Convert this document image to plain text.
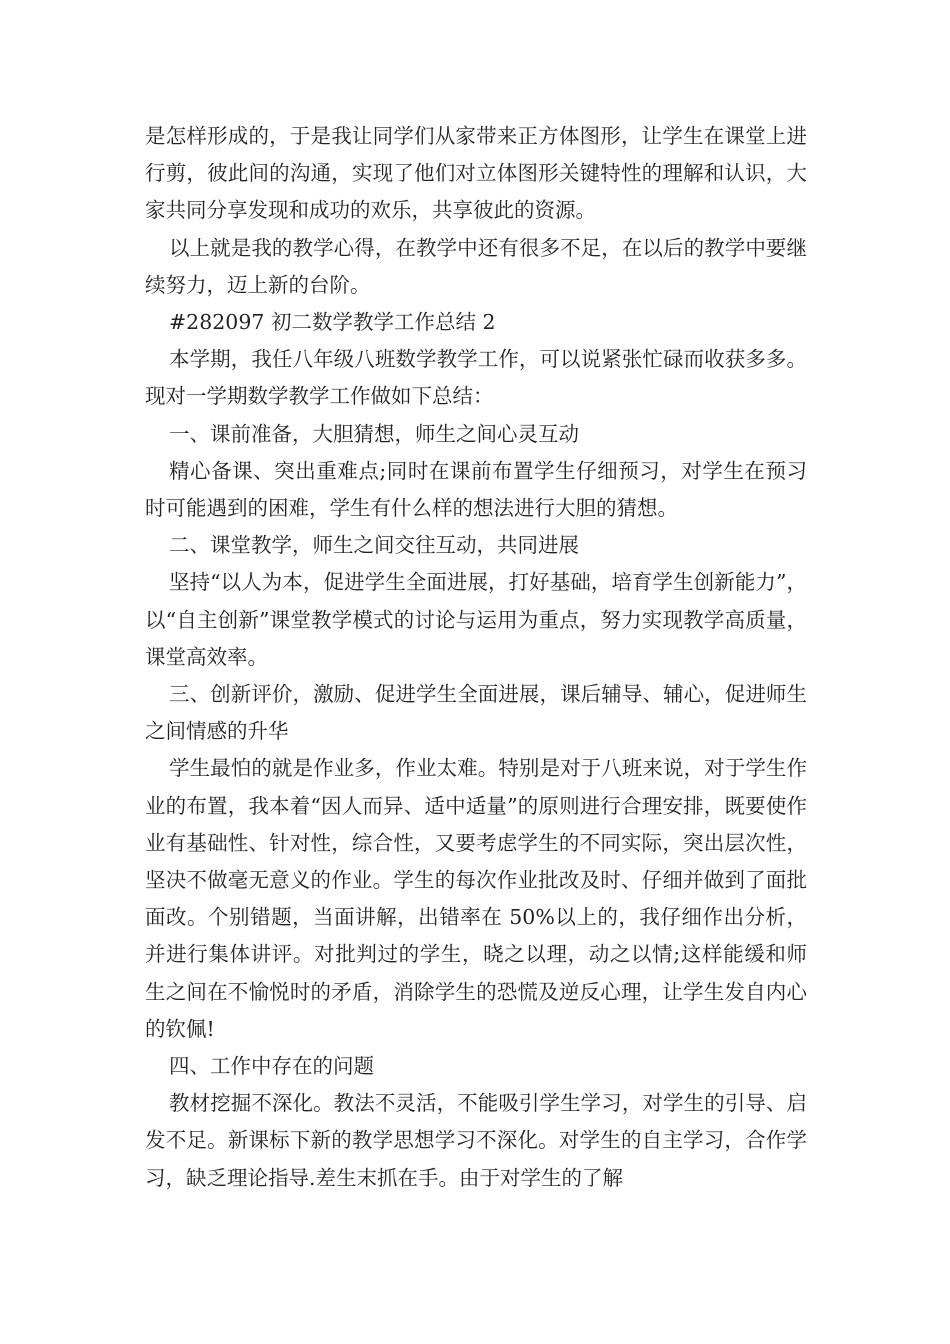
是怎样形成的，于是我让同学们从家带来正方体图形，让学生在课堂上进行剪，彼此间的沟通，实现了他们对立体图形关键特性的理解和认识，大家共同分享发现和成功的欢乐，共享彼此的资源。

以上就是我的教学心得，在教学中还有很多不足，在以后的教学中要继续努力，迈上新的台阶。

#282097 初二数学教学工作总结 2

本学期，我任八年级八班数学教学工作，可以说紧张忙碌而收获多多。现对一学期数学教学工作做如下总结：

一、课前准备，大胆猜想，师生之间心灵互动

精心备课、突出重难点;同时在课前布置学生仔细预习，对学生在预习时可能遇到的困难，学生有什么样的想法进行大胆的猜想。

二、课堂教学，师生之间交往互动，共同进展

坚持“以人为本，促进学生全面进展，打好基础，培育学生创新能力”，以“自主创新”课堂教学模式的讨论与运用为重点，努力实现教学高质量，课堂高效率。

三、创新评价，激励、促进学生全面进展，课后辅导、辅心，促进师生之间情感的升华

学生最怕的就是作业多，作业太难。特别是对于八班来说，对于学生作业的布置，我本着“因人而异、适中适量”的原则进行合理安排，既要使作业有基础性、针对性，综合性，又要考虑学生的不同实际，突出层次性，坚决不做毫无意义的作业。学生的每次作业批改及时、仔细并做到了面批面改。个别错题，当面讲解，出错率在 50%以上的，我仔细作出分析，并进行集体讲评。对批判过的学生，晓之以理，动之以情;这样能缓和师生之间在不愉悦时的矛盾，消除学生的恐慌及逆反心理，让学生发自内心的钦佩!

四、工作中存在的问题

教材挖掘不深化。教法不灵活，不能吸引学生学习，对学生的引导、启发不足。新课标下新的教学思想学习不深化。对学生的自主学习，合作学习，缺乏理论指导.差生末抓在手。由于对学生的了解
